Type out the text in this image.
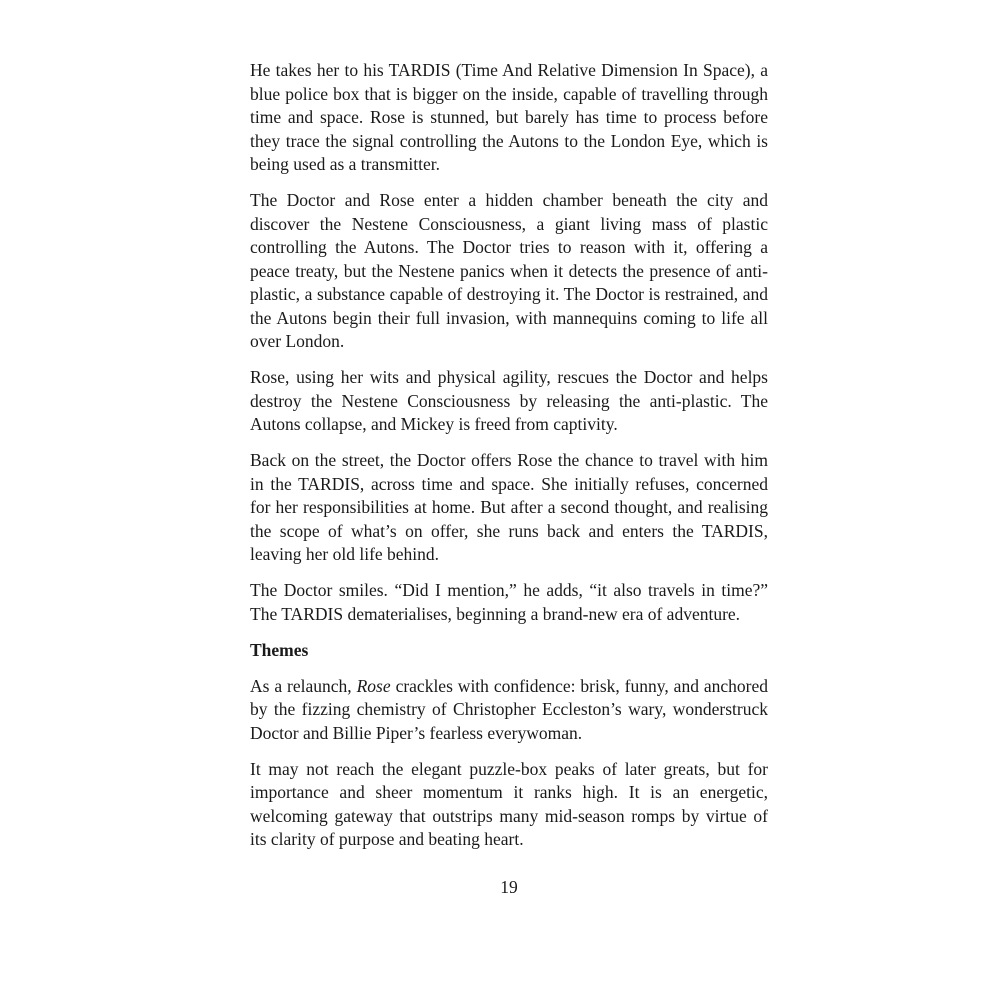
He takes her to his TARDIS (Time And Relative Dimension In Space), a blue police box that is bigger on the inside, capable of travelling through time and space. Rose is stunned, but barely has time to process before they trace the signal controlling the Autons to the London Eye, which is being used as a transmitter.

The Doctor and Rose enter a hidden chamber beneath the city and discover the Nestene Consciousness, a giant living mass of plastic controlling the Autons. The Doctor tries to reason with it, offering a peace treaty, but the Nestene panics when it detects the presence of anti-plastic, a substance capable of destroying it. The Doctor is restrained, and the Autons begin their full invasion, with mannequins coming to life all over London.

Rose, using her wits and physical agility, rescues the Doctor and helps destroy the Nestene Consciousness by releasing the anti-plastic. The Autons collapse, and Mickey is freed from captivity.

Back on the street, the Doctor offers Rose the chance to travel with him in the TARDIS, across time and space. She initially refuses, concerned for her responsibilities at home. But after a second thought, and realising the scope of what’s on offer, she runs back and enters the TARDIS, leaving her old life behind.

The Doctor smiles. “Did I mention,” he adds, “it also travels in time?” The TARDIS dematerialises, beginning a brand-new era of adventure.

Themes

As a relaunch, Rose crackles with confidence: brisk, funny, and anchored by the fizzing chemistry of Christopher Eccleston’s wary, wonderstruck Doctor and Billie Piper’s fearless everywoman.

It may not reach the elegant puzzle-box peaks of later greats, but for importance and sheer momentum it ranks high. It is an energetic, welcoming gateway that outstrips many mid-season romps by virtue of its clarity of purpose and beating heart.

19
